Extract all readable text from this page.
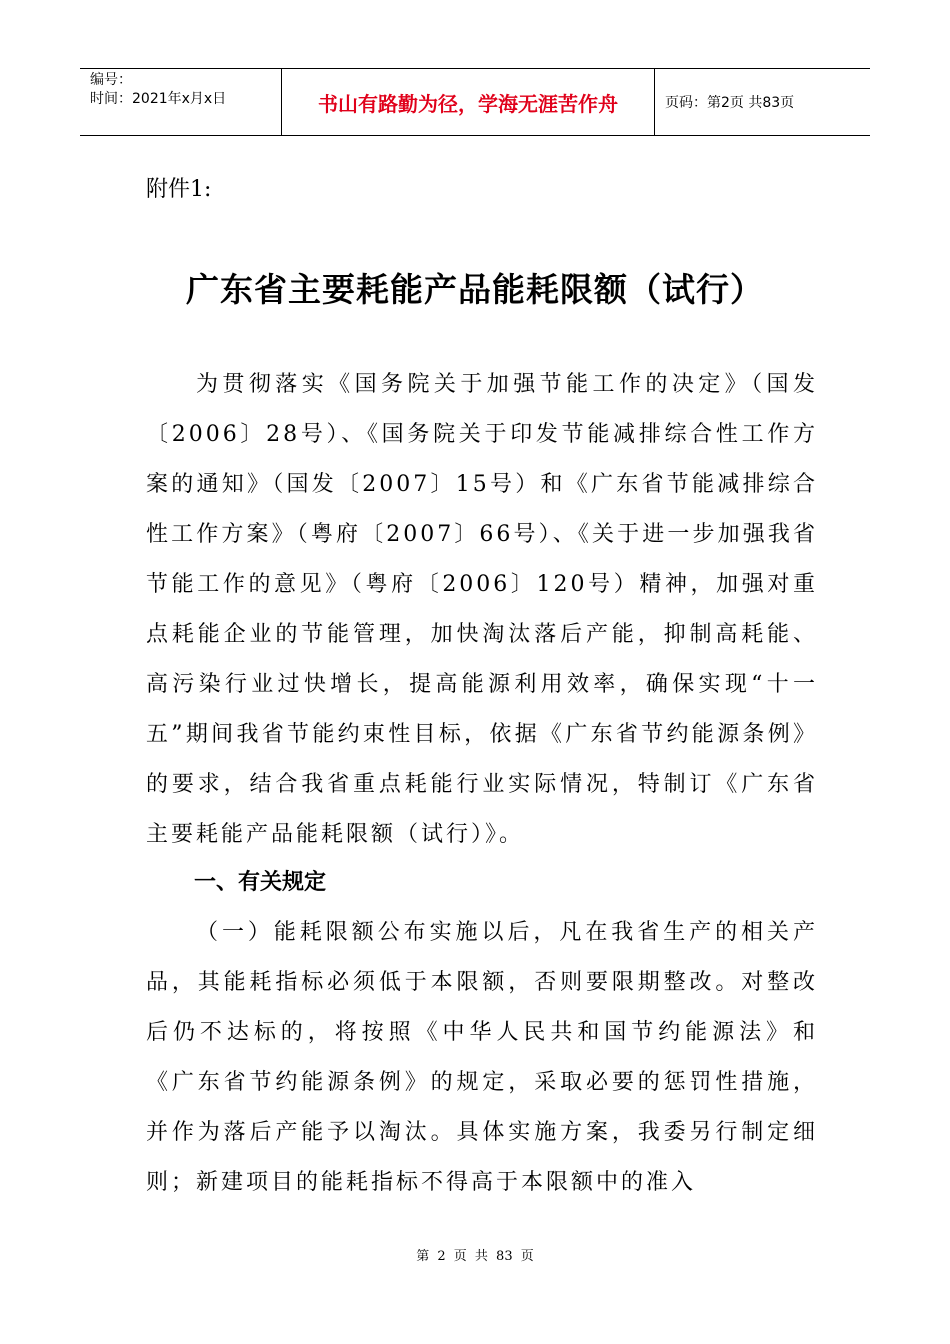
编号：
时间：2021年x月x日	书山有路勤为径，学海无涯苦作舟	页码：第2页 共83页
附件1:
广东省主要耗能产品能耗限额（试行）
为贯彻落实《国务院关于加强节能工作的决定》（国发〔2006〕28号）、《国务院关于印发节能减排综合性工作方案的通知》（国发〔2007〕15号）和《广东省节能减排综合性工作方案》（粤府〔2007〕66号）、《关于进一步加强我省节能工作的意见》（粤府〔2006〕120号）精神，加强对重点耗能企业的节能管理，加快淘汰落后产能，抑制高耗能、高污染行业过快增长，提高能源利用效率，确保实现“十一五”期间我省节能约束性目标，依据《广东省节约能源条例》的要求，结合我省重点耗能行业实际情况，特制订《广东省主要耗能产品能耗限额（试行）》。
一、有关规定
（一）能耗限额公布实施以后，凡在我省生产的相关产品，其能耗指标必须低于本限额，否则要限期整改。对整改后仍不达标的，将按照《中华人民共和国节约能源法》和《广东省节约能源条例》的规定，采取必要的惩罚性措施，并作为落后产能予以淘汰。具体实施方案，我委另行制定细则；新建项目的能耗指标不得高于本限额中的准入
第 2 页 共 83 页
